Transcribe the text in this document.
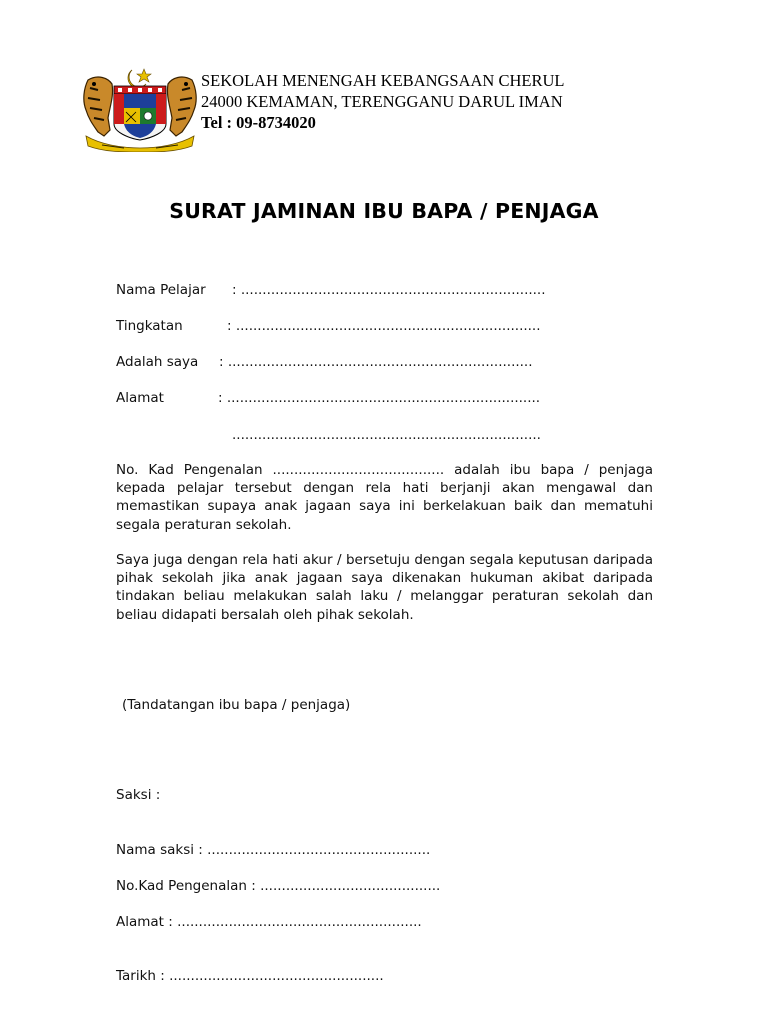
SEKOLAH MENENGAH KEBANGSAAN CHERUL
24000 KEMAMAN, TERENGGANU DARUL IMAN
Tel : 09-8734020
SURAT JAMINAN IBU BAPA / PENJAGA
Nama Pelajar : .......................................................................
Tingkatan	: .......................................................................
Adalah saya : .......................................................................
Alamat	: .........................................................................
........................................................................

No. Kad Pengenalan ........................................ adalah ibu bapa / penjaga kepada pelajar tersebut dengan rela hati berjanji akan mengawal dan memastikan supaya anak jagaan saya ini berkelakuan baik dan mematuhi segala peraturan sekolah.

Saya juga dengan rela hati akur / bersetuju dengan segala keputusan daripada pihak sekolah jika anak jagaan saya dikenakan hukuman akibat daripada tindakan beliau melakukan salah laku / melanggar peraturan sekolah dan beliau didapati bersalah oleh pihak sekolah.

(Tandatangan ibu bapa / penjaga)
Saksi :
Nama saksi : ....................................................
No.Kad Pengenalan : ..........................................
Alamat : .........................................................
Tarikh : ..................................................
